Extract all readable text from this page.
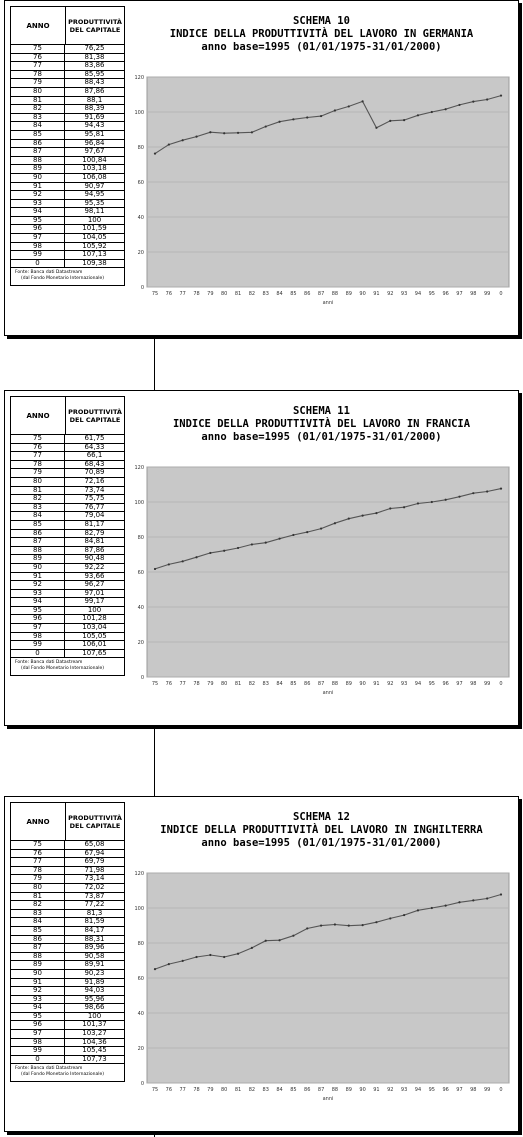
ANNO	PRODUTTIVITÀ
DEL CAPITALE
75	76,25
76	81,38
77	83,86
78	85,95
79	88,43
80	87,86
81	88,1
82	88,39
83	91,69
84	94,43
85	95,81
86	96,84
87	97,67
88	100,84
89	103,18
90	106,08
91	90,97
92	94,95
93	95,35
94	98,11
95	100
96	101,59
97	104,05
98	105,92
99	107,13
0	109,38
Fonte: Banca dati Datastream
(dal Fondo Monetario Internazionale)
SCHEMA 10
INDICE DELLA PRODUTTIVITÀ DEL LAVORO IN GERMANIA
anno base=1995 (01/01/1975-31/01/2000)
0
20
40
60
80
100
120
75 76 77 78 79 80 81 82 83 84 85 86 87 88 89 90 91 92 93 94 95 96 97 98 99 0
anni
ANNO	PRODUTTIVITÀ
DEL CAPITALE
75	61,75
76	64,33
77	66,1
78	68,43
79	70,89
80	72,16
81	73,74
82	75,75
83	76,77
84	79,04
85	81,17
86	82,79
87	84,81
88	87,86
89	90,48
90	92,22
91	93,66
92	96,27
93	97,01
94	99,17
95	100
96	101,28
97	103,04
98	105,05
99	106,01
0	107,65
Fonte: Banca dati Datastream
(dal Fondo Monetario Internazionale)
SCHEMA 11
INDICE DELLA PRODUTTIVITÀ DEL LAVORO IN FRANCIA
anno base=1995 (01/01/1975-31/01/2000)
0
20
40
60
80
100
120
75 76 77 78 79 80 81 82 83 84 85 86 87 88 89 90 91 92 93 94 95 96 97 98 99 0
anni
ANNO	PRODUTTIVITÀ
DEL CAPITALE
75	65,08
76	67,94
77	69,79
78	71,98
79	73,14
80	72,02
81	73,87
82	77,22
83	81,3
84	81,59
85	84,17
86	88,31
87	89,96
88	90,58
89	89,91
90	90,23
91	91,89
92	94,03
93	95,96
94	98,66
95	100
96	101,37
97	103,27
98	104,36
99	105,45
0	107,73
Fonte: Banca dati Datastream
(dal Fondo Monetario Internazionale)
SCHEMA 12
INDICE DELLA PRODUTTIVITÀ DEL LAVORO IN INGHILTERRA
anno base=1995 (01/01/1975-31/01/2000)
0
20
40
60
80
100
120
75 76 77 78 79 80 81 82 83 84 85 86 87 88 89 90 91 92 93 94 95 96 97 98 99 0
anni
